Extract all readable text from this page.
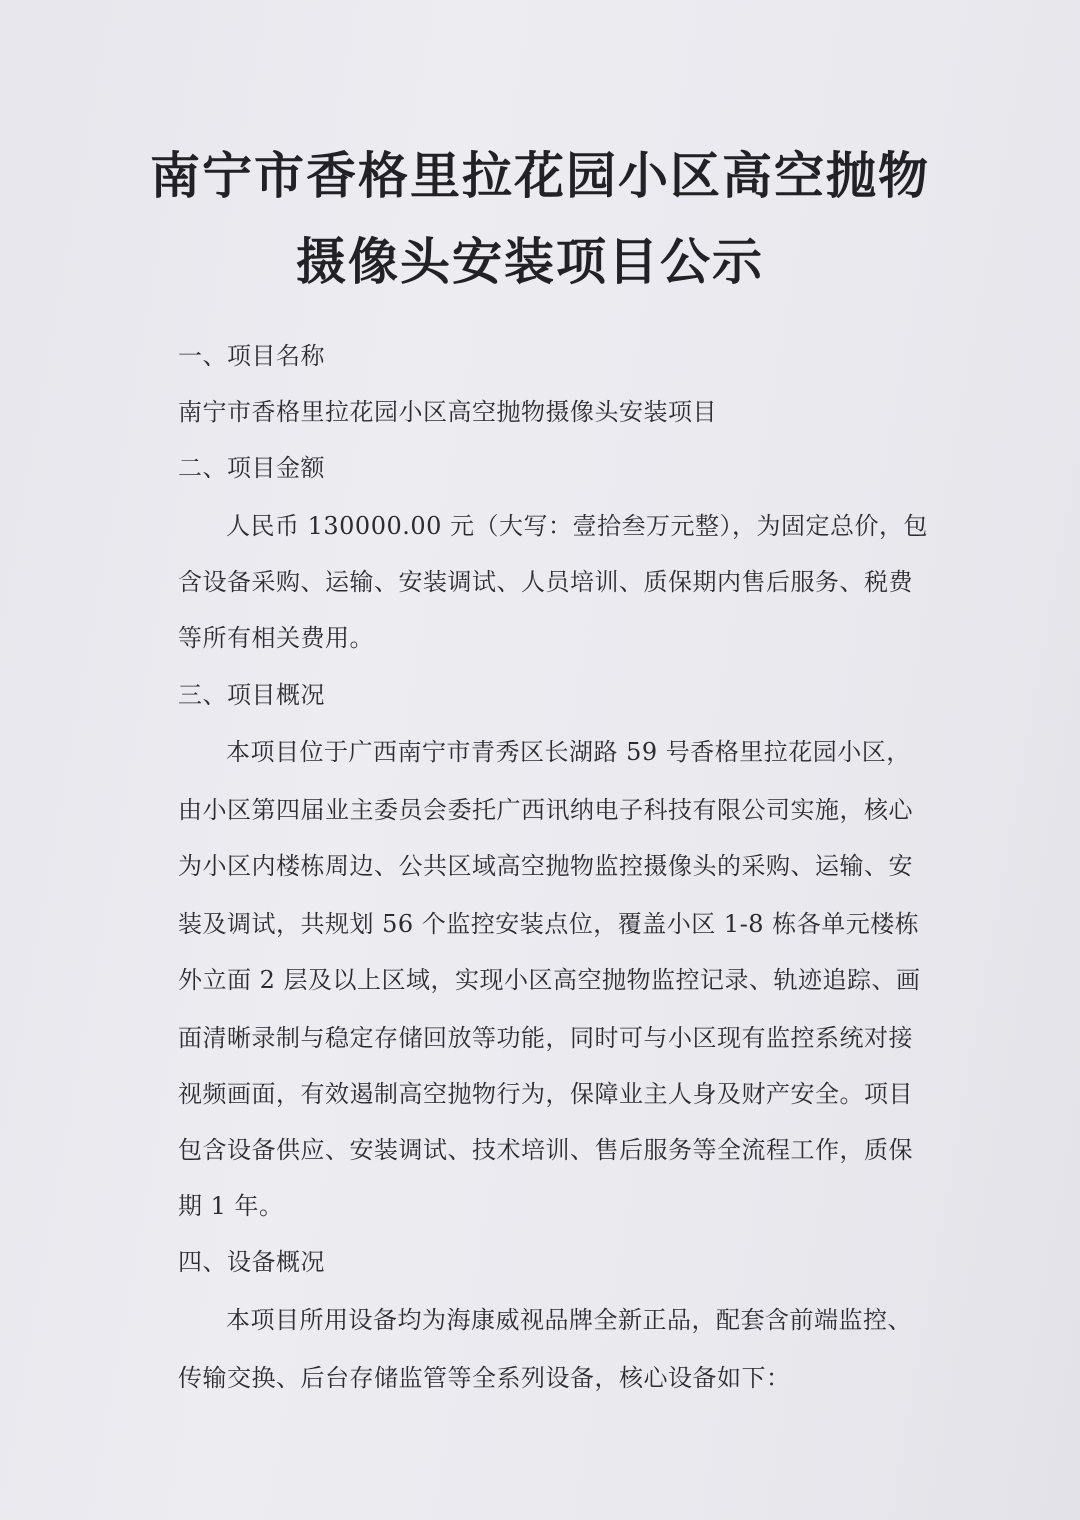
南宁市香格里拉花园小区高空抛物
摄像头安装项目公示
一、项目名称
南宁市香格里拉花园小区高空抛物摄像头安装项目
二、项目金额
人民币 130000.00 元（大写：壹拾叁万元整），为固定总价，包
含设备采购、运输、安装调试、人员培训、质保期内售后服务、税费
等所有相关费用。
三、项目概况
本项目位于广西南宁市青秀区长湖路 59 号香格里拉花园小区，
由小区第四届业主委员会委托广西讯纳电子科技有限公司实施，核心
为小区内楼栋周边、公共区域高空抛物监控摄像头的采购、运输、安
装及调试，共规划 56 个监控安装点位，覆盖小区 1-8 栋各单元楼栋
外立面 2 层及以上区域，实现小区高空抛物监控记录、轨迹追踪、画
面清晰录制与稳定存储回放等功能，同时可与小区现有监控系统对接
视频画面，有效遏制高空抛物行为，保障业主人身及财产安全。项目
包含设备供应、安装调试、技术培训、售后服务等全流程工作，质保
期 1 年。
四、设备概况
本项目所用设备均为海康威视品牌全新正品，配套含前端监控、
传输交换、后台存储监管等全系列设备，核心设备如下：
